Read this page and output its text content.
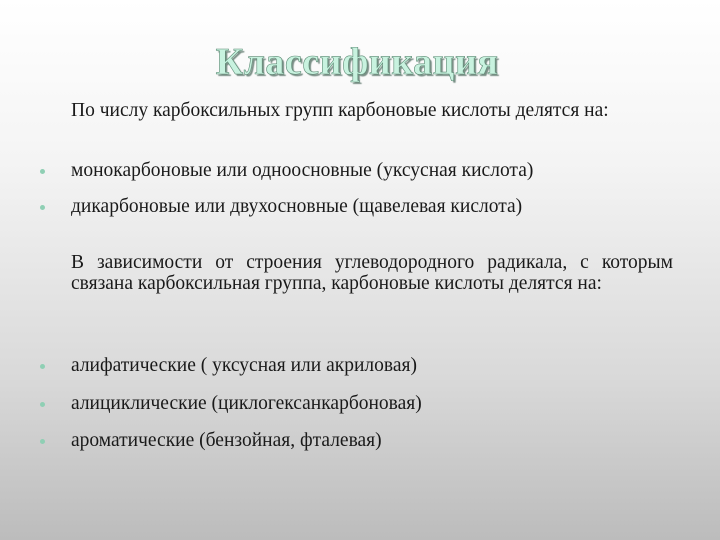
Классификация

По числу карбоксильных групп карбоновые кислоты делятся на:

монокарбоновые или одноосновные (уксусная кислота)
дикарбоновые или двухосновные (щавелевая кислота)

В зависимости от строения углеводородного радикала, с которым связана карбоксильная группа, карбоновые кислоты делятся на:

алифатические ( уксусная или акриловая)
алициклические (циклогексанкарбоновая)
ароматические (бензойная, фталевая)
